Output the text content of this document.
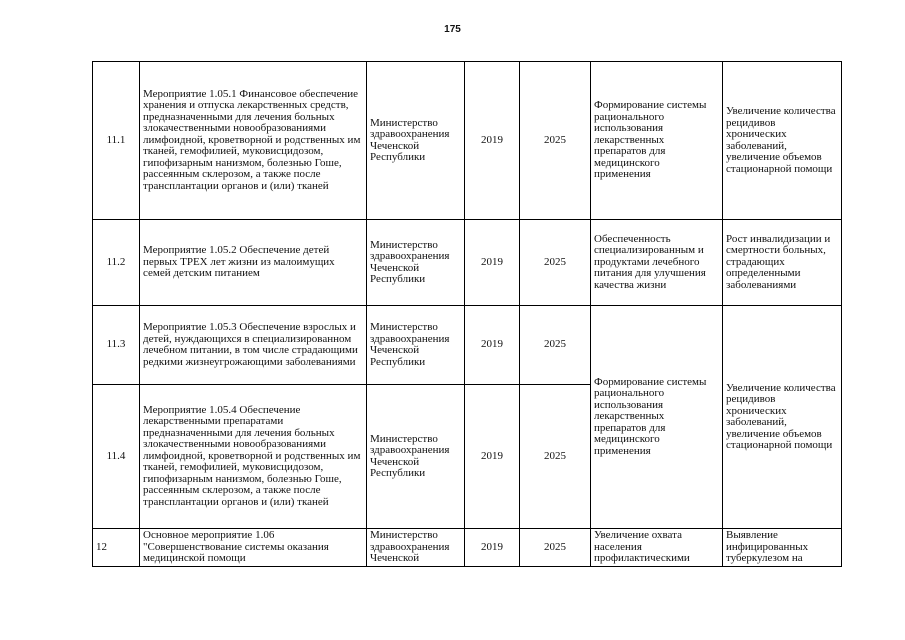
175
11.1	Мероприятие 1.05.1 Финансовое обеспечение хранения и отпуска лекарственных средств, предназначенными для лечения больных злокачественными новообразованиями лимфоидной, кроветворной и родственных им тканей, гемофилией, муковисцидозом, гипофизарным нанизмом, болезнью Гоше, рассеянным склерозом, а также после трансплантации органов и (или) тканей	Министерство здравоохранения Чеченской Республики	2019	2025	Формирование системы рационального использования лекарственных препаратов для медицинского применения	Увеличение количества рецидивов хронических заболеваний, увеличение объемов стационарной помощи
11.2	Мероприятие 1.05.2 Обеспечение детей первых ТРЕХ лет жизни из малоимущих семей детским питанием	Министерство здравоохранения Чеченской Республики	2019	2025	Обеспеченность специализированным и продуктами лечебного питания для улучшения качества жизни	Рост инвалидизации и смертности больных, страдающих определенными заболеваниями
11.3	Мероприятие 1.05.3 Обеспечение взрослых и детей, нуждающихся в специализированном лечебном питании, в том числе страдающими редкими жизнеугрожающими заболеваниями	Министерство здравоохранения Чеченской Республики	2019	2025	Формирование системы рационального использования лекарственных препаратов для медицинского применения	Увеличение количества рецидивов хронических заболеваний, увеличение объемов стационарной помощи
11.4	Мероприятие 1.05.4 Обеспечение лекарственными препаратами предназначенными для лечения больных злокачественными новообразованиями лимфоидной, кроветворной и родственных им тканей, гемофилией, муковисцидозом, гипофизарным нанизмом, болезнью Гоше, рассеянным склерозом, а также после трансплантации органов и (или) тканей	Министерство здравоохранения Чеченской Республики	2019	2025		
12	Основное мероприятие 1.06 "Совершенствование системы оказания медицинской помощи	Министерство здравоохранения Чеченской	2019	2025	Увеличение охвата населения профилактическими	Выявление инфицированных туберкулезом на
